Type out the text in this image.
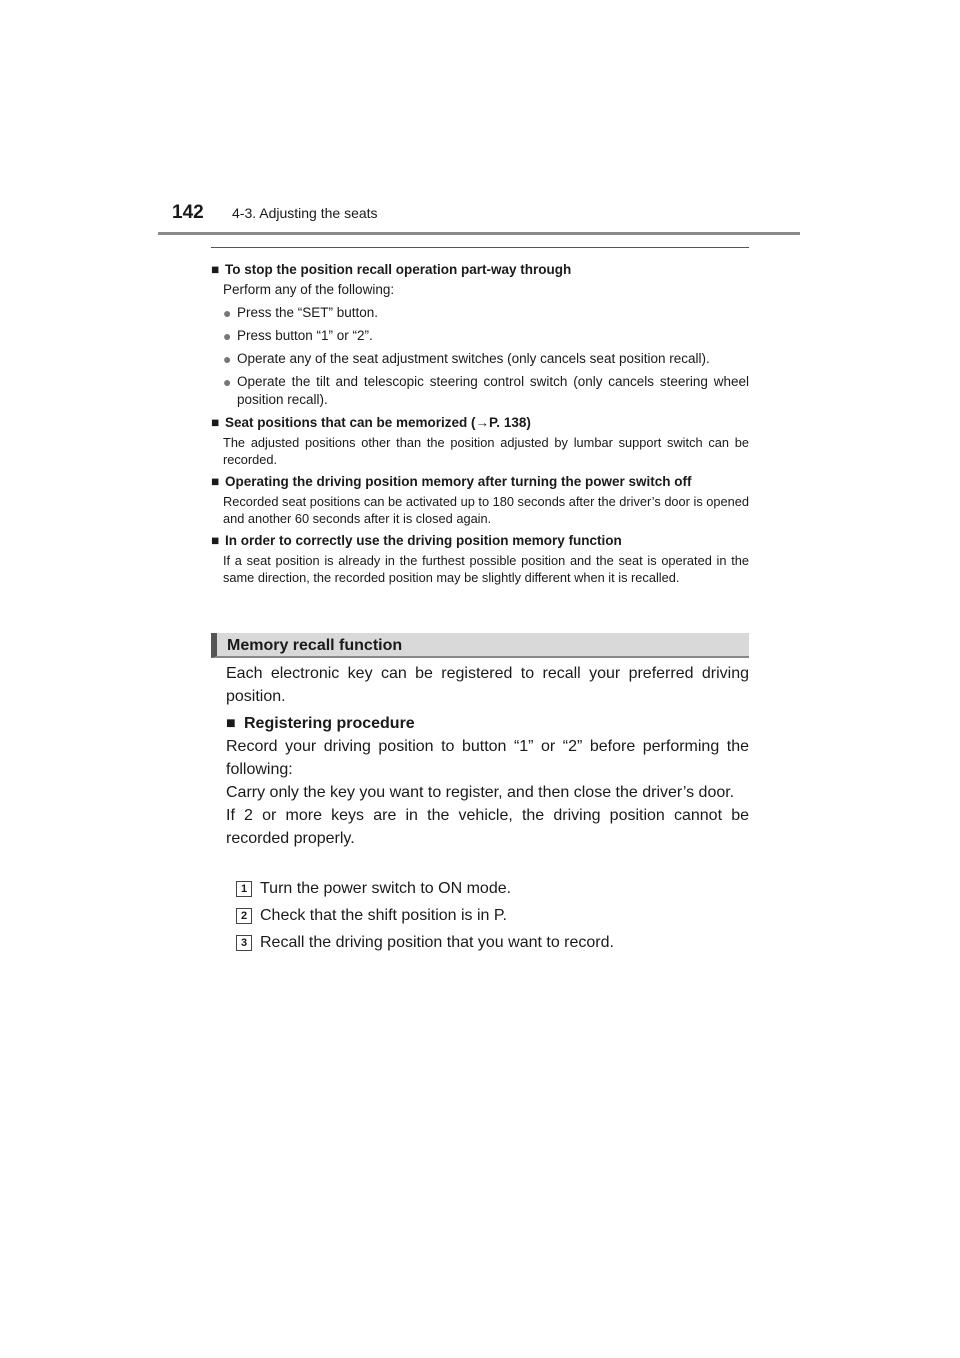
142	4-3. Adjusting the seats
■ To stop the position recall operation part-way through
Perform any of the following:
● Press the “SET” button.
● Press button “1” or “2”.
● Operate any of the seat adjustment switches (only cancels seat position recall).
● Operate the tilt and telescopic steering control switch (only cancels steering wheel position recall).
■ Seat positions that can be memorized (→P. 138)
The adjusted positions other than the position adjusted by lumbar support switch can be recorded.
■ Operating the driving position memory after turning the power switch off
Recorded seat positions can be activated up to 180 seconds after the driver’s door is opened and another 60 seconds after it is closed again.
■ In order to correctly use the driving position memory function
If a seat position is already in the furthest possible position and the seat is operated in the same direction, the recorded position may be slightly different when it is recalled.
Memory recall function

Each electronic key can be registered to recall your preferred driving position.

■ Registering procedure

Record your driving position to button “1” or “2” before performing the following:

Carry only the key you want to register, and then close the driver’s door.

If 2 or more keys are in the vehicle, the driving position cannot be recorded properly.

1 Turn the power switch to ON mode.
2 Check that the shift position is in P.
3 Recall the driving position that you want to record.
